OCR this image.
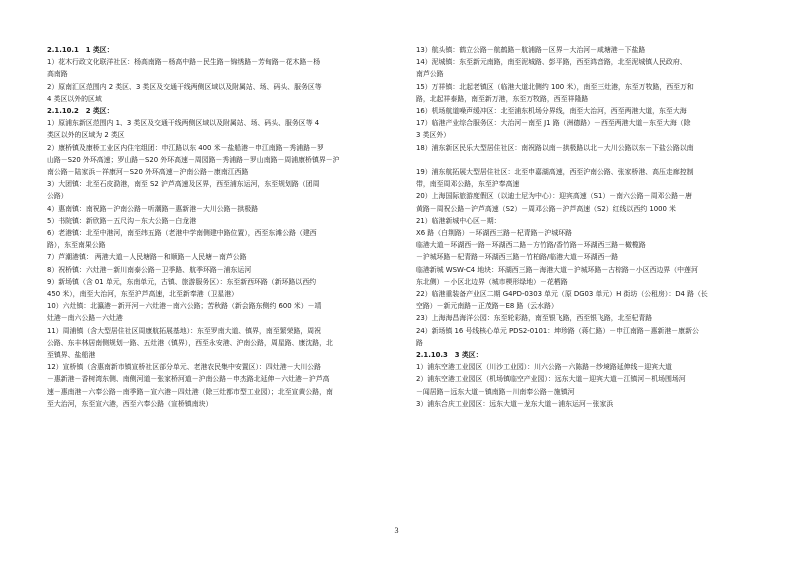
2.1.10.1　1 类区：
1）花木行政文化联洋社区：杨高南路－杨高中路－民生路－锦绣路－芳甸路－花木路－杨
高南路
2）原南汇区范围内 2 类区、3 类区及交通干线两侧区域以及附属站、场、码头、服务区等
4 类区以外的区域
2.1.10.2　2 类区：
1）原浦东新区范围内 1、3 类区及交通干线两侧区域以及附属站、场、码头、服务区等 4
类区以外的区域为 2 类区
2）康桥镇及康桥工业区内住宅组团：申江路以东 400 米－盐船港－申江南路－秀浦路－罗
山路－S20 外环高速；罗山路－S20 外环高速－周园路－秀浦路－罗山南路－周浦康桥镇界－沪
南公路－陆家浜－祥康河－S20 外环高速－沪南公路－康南江西路
3）大团镇：北至石皮泐港，南至 S2 沪芦高速及区界，西至浦东运河，东至规划路（团周
公路）
4）惠南镇：南祝路－沪南公路－听潮路－惠新港－大川公路－拱极路
5）书院镇：新欣路－五尺沟－东大公路－白龙港
6）老港镇：北至中港河，南至纬五路（老港中学南侧建中路位置），西至东滩公路（建西
路），东至南果公路
7）芦潮港镇： 两港大道－人民塘路－和顺路－人民塘－南芦公路
8）祝桥镇：六灶港－新川南泰公路－卫季路、航季环路－浦东运河
9）新场镇（含 01 单元，东南单元，古镇、旅游服务区）：东至新西环路（新环路以西约
450 米），南至大治河，东至沪芦高速，北至新奉港（卫星港）
10）六灶镇：北瀛港－新开河－六灶港－南六公路；苦秋路（新会路东侧约 600 米）－靖
灶港－南六公路－六灶港
11）周浦镇（含大型居住社区周康航拓展基地）：东至罗南大道、镇界，南至繁荣路，周祝
公路、东丰林居南侧规划一路、五灶港（镇界），西至永安港、沪南公路，周星路、康沈路，北
至镇界、盐船港
12）宣桥镇（含惠南新市镇宣桥社区部分单元、老港农民集中安置区）：四灶港－大川公路
－惠新港－香树湾东侧、南侧河道－张家桥河道－沪南公路－申杰路北延伸－六灶港－沪芦高
速－惠南港－六奉公路－南季路－宣六港－四灶港（除三灶都市型工业园）；北至宣黄公路，南
至大治河，东至宣六港，西至六奉公路（宣桥镇南块）
13）航头镇：鹤立公路－航鹤路－航浦路－区界－大治河－咸塘港－下盐路
14）泥城镇：东至新元南路，南至泥城路、彭平路，西至鸿音路，北至泥城镇人民政府、
南芦公路
15）万祥镇：北起老镇区（临港大道北侧约 100 米），南至三灶港，东至万牧路，西至万和
路，北起祥泰路，南至新万港，东至万牧路，西至祥隆路
16）机场航道噪声缓冲区：北至浦东机场分界线，南至大治河，西至两港大道，东至大海
17）临港产业综合服务区：大治河－南至 J1 路（洲德路）－西至两港大道－东至大海（除
3 类区外）
18）浦东新区民乐大型居住社区：南祝路以南－拱极路以北－大川公路以东－下盐公路以南
19）浦东航拓展大型居住社区：北至申嘉湖高速，西至沪南公路、张家桥港、高压走廊控制
带，南至周邓公路，东至沪奉高速
20）上海国际旅游度假区（以迪士尼为中心）：迎宾高速（S1）－南六公路－周邓公路－唐
黄路－周祝公路－沪芦高速（S2）－周邓公路－沪芦高速（S2）红线以西约 1000 米
21）临港新城中心区－期：
X6 路（白荆路）－环湖西三路－杞青路－沪城环路
临港大道－环湖西一路－环湖西二路－方竹路/香竹路－环湖西三路－橄榄路
－沪城环路－杞青路－环湖西三路－竹柏路/临港大道－环湖西一路
临港新城 WSW-C4 地块：环湖西三路－海港大道－沪城环路－古棕路－小区西边界（中莲河
东北侧）－小区北边界（城市楔形绿地）－花栖路
22）临港重装备产业区二期 G4PD-0303 单元（原 DG03 单元）H 街坊（公租房）：D4 路（长
空路）－新元南路－正茂路－E8 路（云水路）
23）上海海昌海洋公园：东至轮彩路，南至银飞路，西至银飞路，北至杞青路
24）新场镇 16 号线核心单元 PDS2-0101：坤珍路（蒋仁路）－申江南路－惠新港－康新公
路
2.1.10.3　3 类区：
1）浦东空港工业园区（川沙工业园）：川六公路－六陈路－纱境路延伸线－迎宾大道
2）浦东空港工业园区（机场镇临空产业园）：远东大道－迎宾大道－江镇河－机场围场河
－闻居路－远东大道－镇南路－川南奉公路－施镇河
3）浦东合庆工业园区：远东大道－龙东大道－浦东运河－张家浜
3
